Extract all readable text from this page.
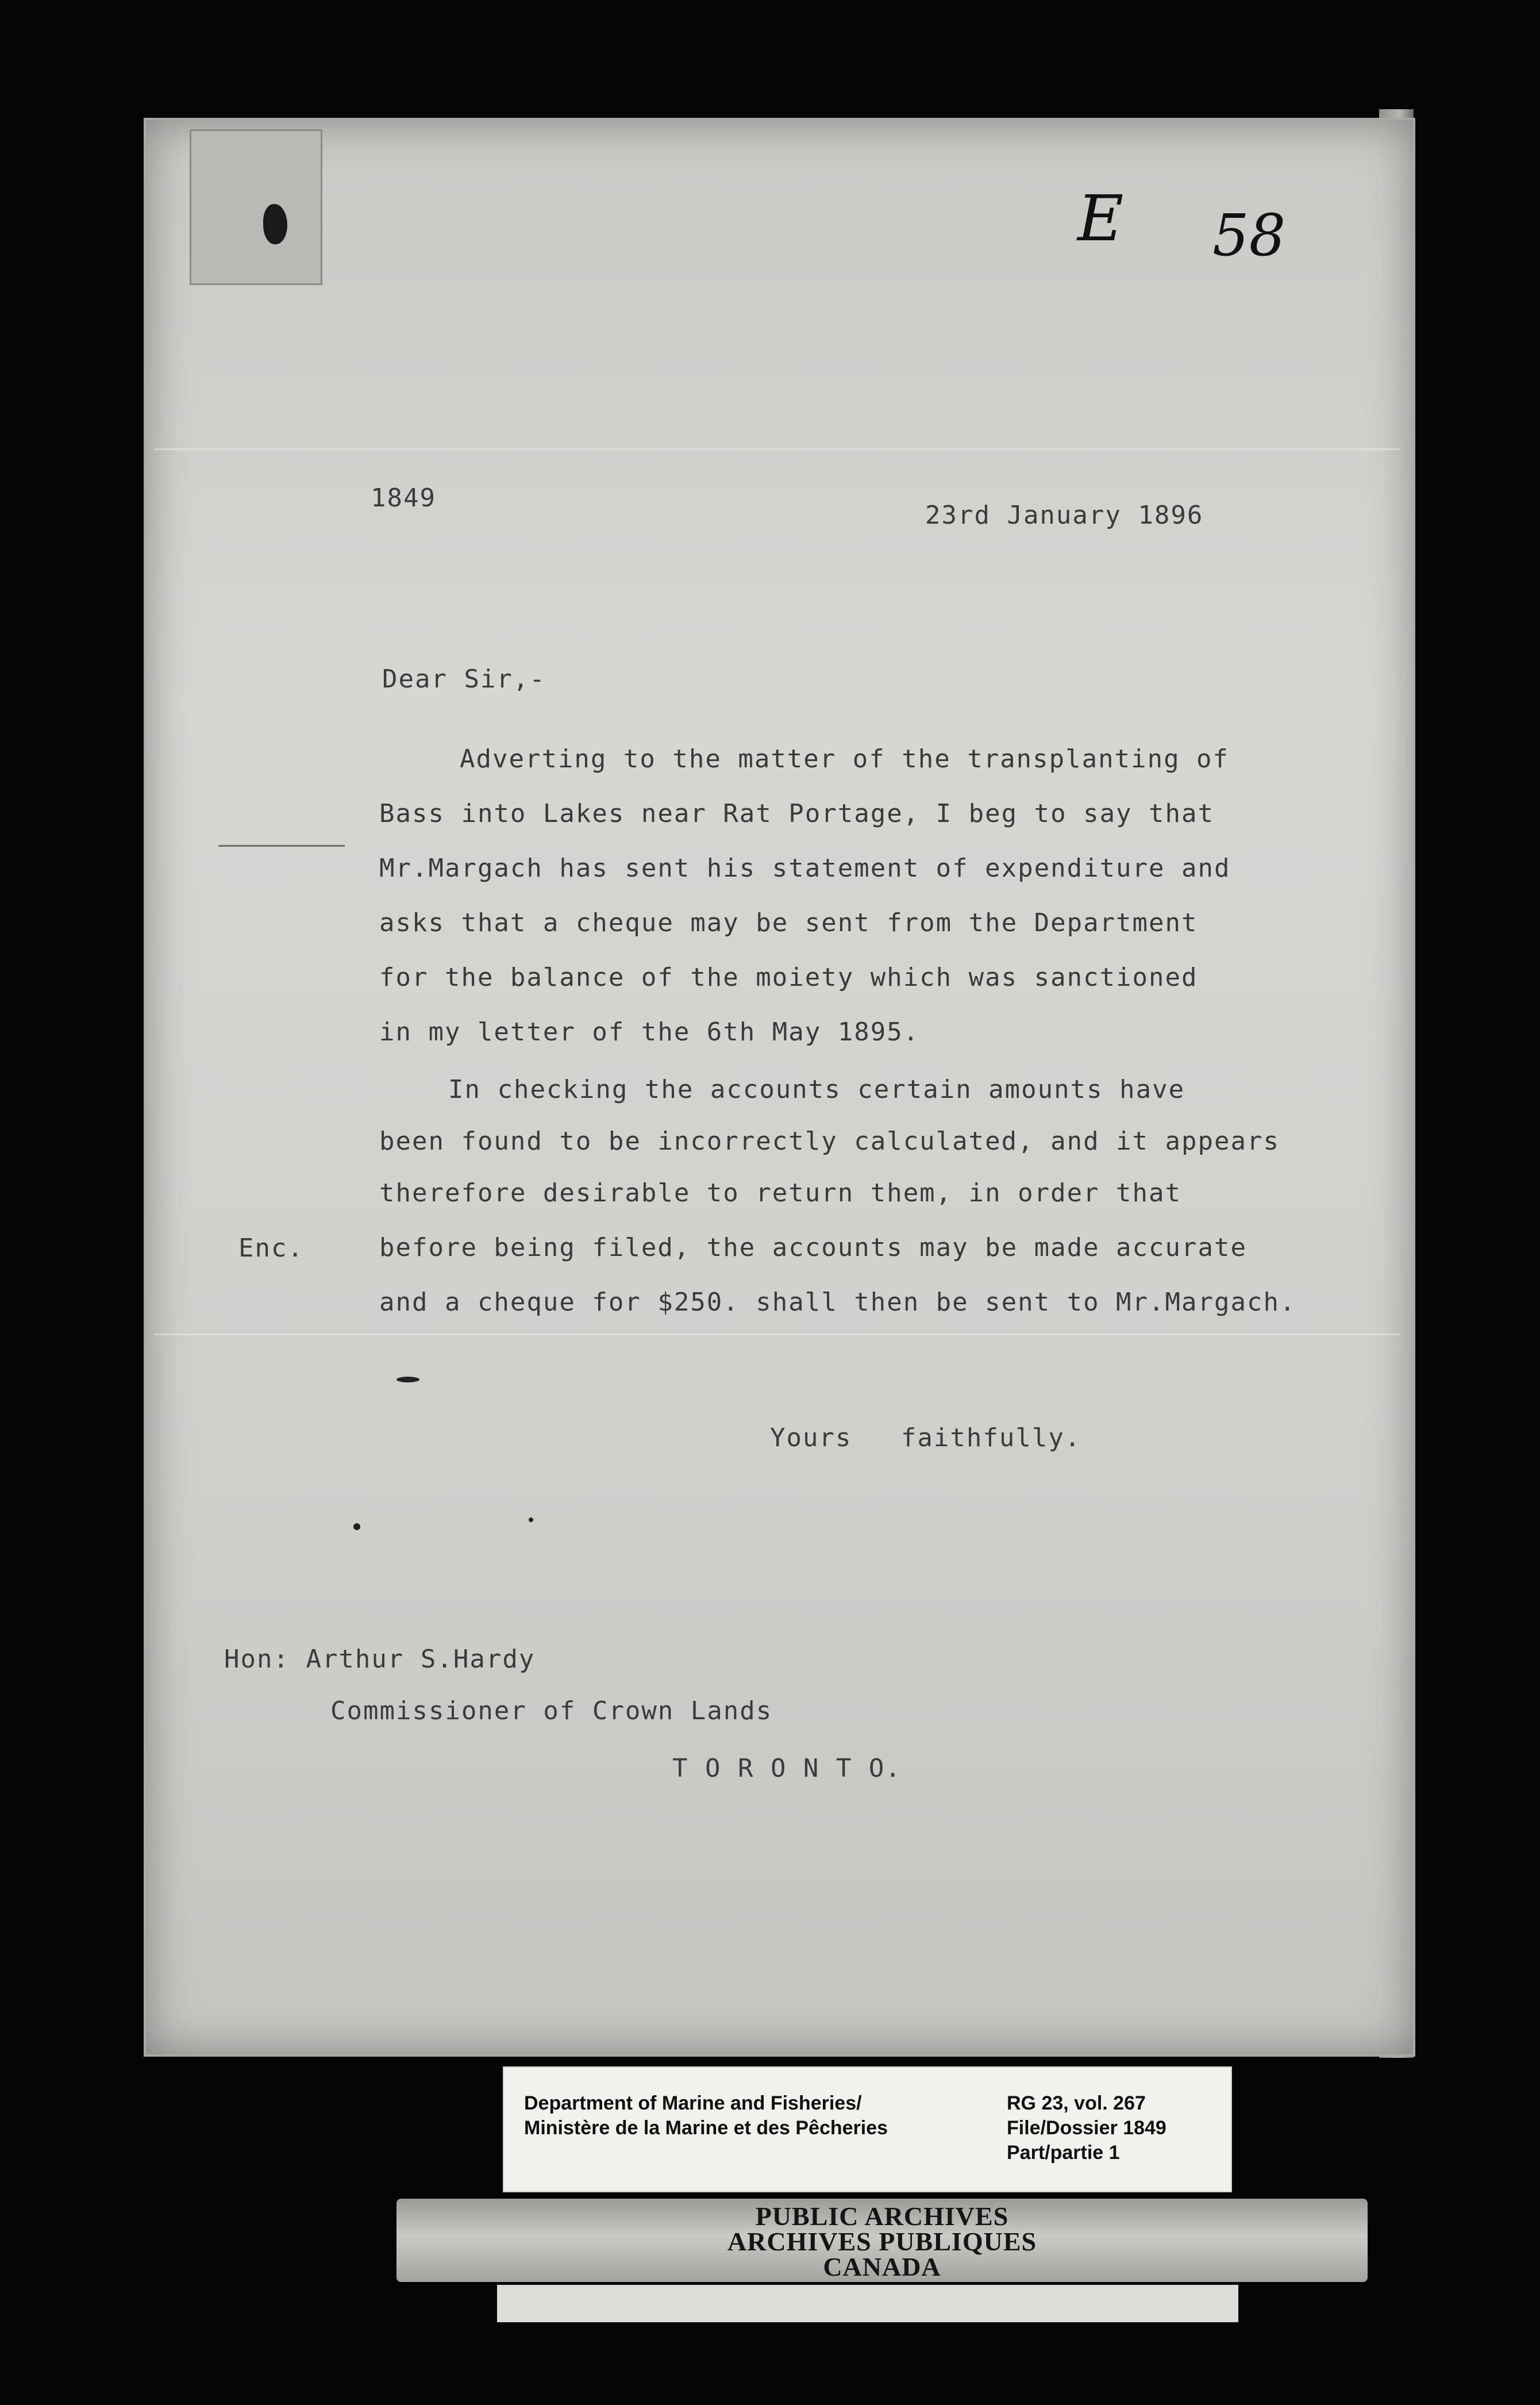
E 58
1849
23rd January 1896
Dear Sir,-
Adverting to the matter of the transplanting of
Bass into Lakes near Rat Portage, I beg to say that
Mr.Margach has sent his statement of expenditure and
asks that a cheque may be sent from the Department
for the balance of the moiety which was sanctioned
in my letter of the 6th May 1895.
In checking the accounts certain amounts have
been found to be incorrectly calculated, and it appears
therefore desirable to return them, in order that
before being filed, the accounts may be made accurate
and a cheque for $250. shall then be sent to Mr.Margach.
Enc.
Yours   faithfully.
Hon: Arthur S.Hardy
Commissioner of Crown Lands
T O R O N T O.
Department of Marine and Fisheries/
Ministère de la Marine et des Pêcheries
RG 23, vol. 267
File/Dossier 1849
Part/partie 1
PUBLIC ARCHIVES
ARCHIVES PUBLIQUES
CANADA
